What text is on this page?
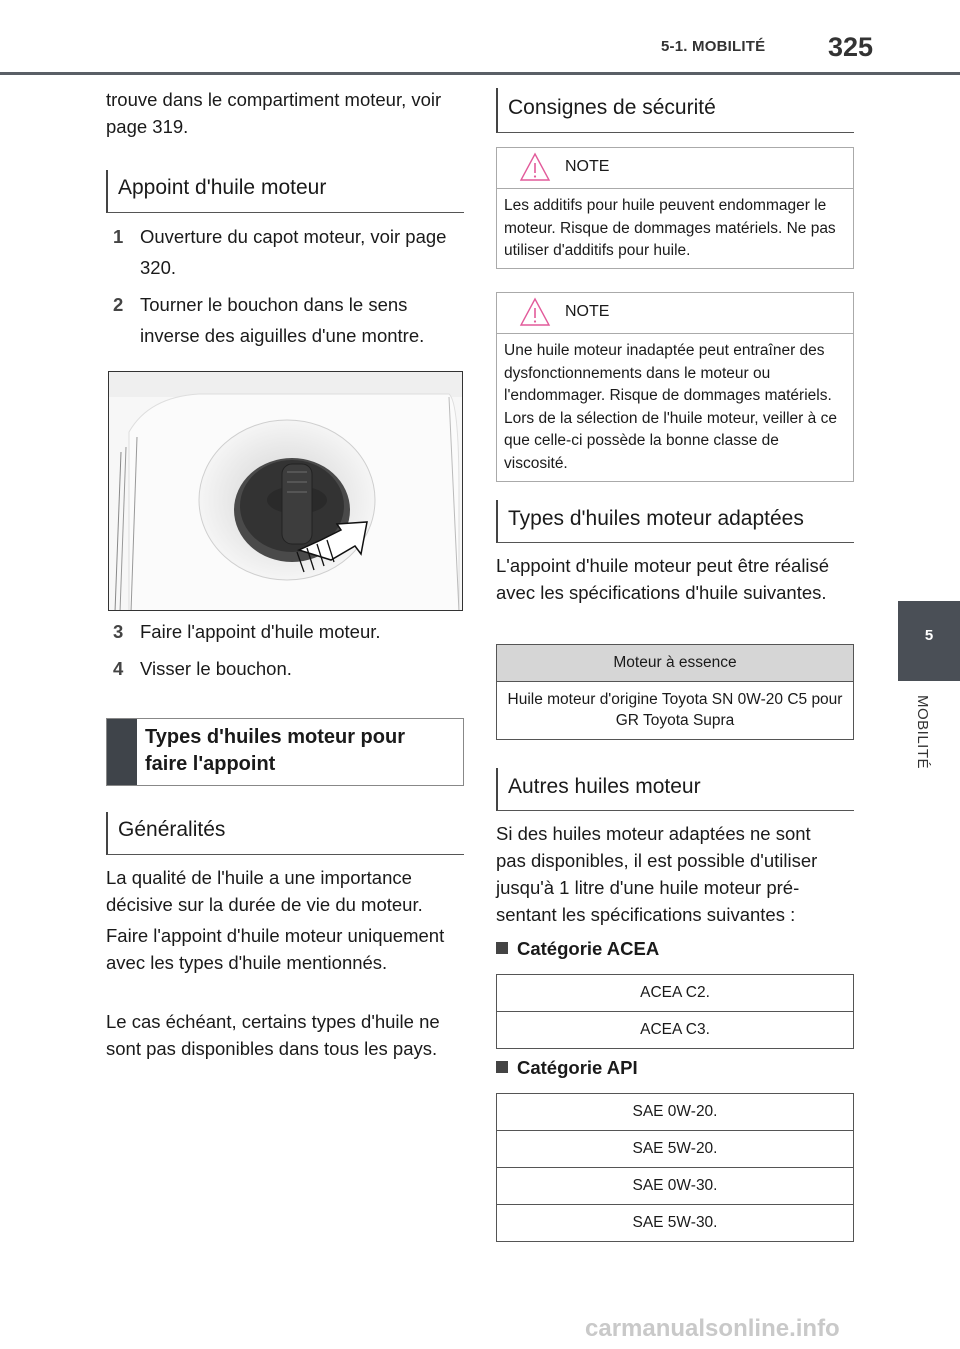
5-1. MOBILITÉ 325
5
MOBILITÉ
trouve dans le compartiment moteur, voir page 319.
Appoint d'huile moteur
1 Ouverture du capot moteur, voir page 320.
2 Tourner le bouchon dans le sens inverse des aiguilles d'une montre.
3 Faire l'appoint d'huile moteur.
4 Visser le bouchon.
Types d'huiles moteur pour faire l'appoint
Généralités
La qualité de l'huile a une importance décisive sur la durée de vie du moteur.
Faire l'appoint d'huile moteur uniquement avec les types d'huile mentionnés.
Le cas échéant, certains types d'huile ne sont pas disponibles dans tous les pays.
Consignes de sécurité
NOTE
Les additifs pour huile peuvent endommager le moteur. Risque de dommages matériels. Ne pas utiliser d'additifs pour huile.
NOTE
Une huile moteur inadaptée peut entraîner des dysfonctionnements dans le moteur ou l'endommager. Risque de dommages matériels. Lors de la sélection de l'huile moteur, veiller à ce que celle-ci possède la bonne classe de viscosité.
Types d'huiles moteur adaptées
L'appoint d'huile moteur peut être réalisé avec les spécifications d'huile suivantes.
Moteur à essence
Huile moteur d'origine Toyota SN 0W-20 C5 pour GR Toyota Supra
Autres huiles moteur
Si des huiles moteur adaptées ne sont pas disponibles, il est possible d'utiliser jusqu'à 1 litre d'une huile moteur présentant les spécifications suivantes :
Catégorie ACEA
ACEA C2.
ACEA C3.
Catégorie API
SAE 0W-20.
SAE 5W-20.
SAE 0W-30.
SAE 5W-30.
carmanualsonline.info
